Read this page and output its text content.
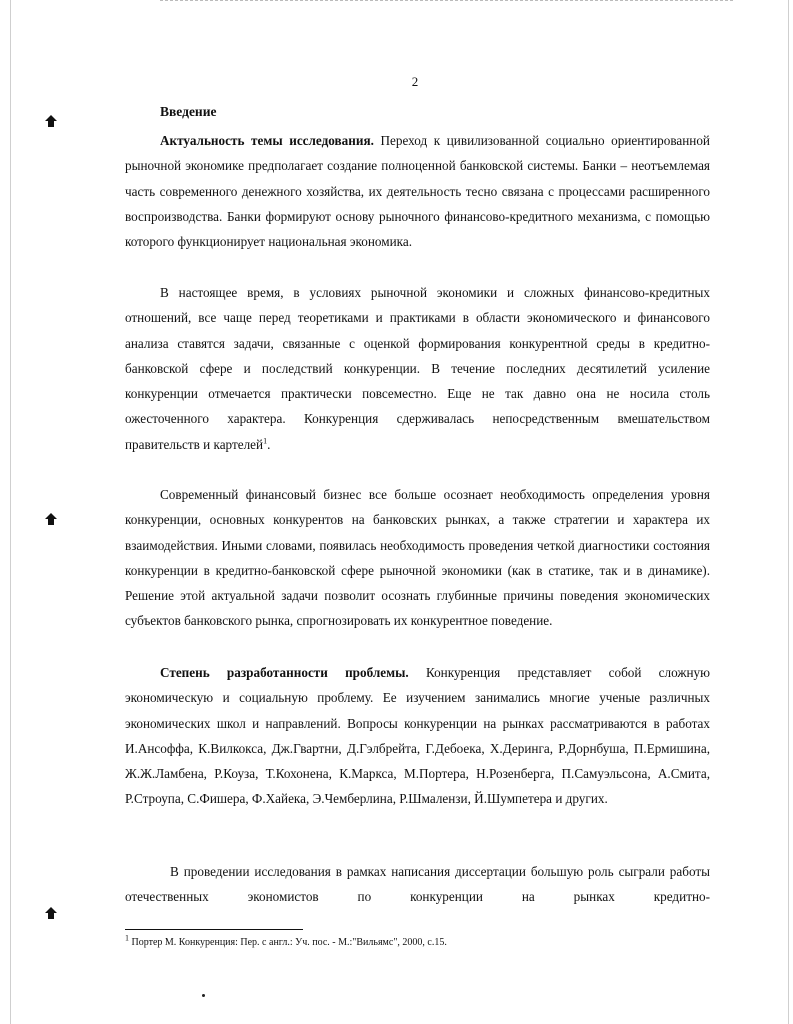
2
Введение

Актуальность темы исследования. Переход к цивилизованной социально ориентированной рыночной экономике предполагает создание полноценной банковской системы. Банки – неотъемлемая часть современного денежного хозяйства, их деятельность тесно связана с процессами расширенного воспроизводства. Банки формируют основу рыночного финансово-кредитного механизма, с помощью которого функционирует национальная экономика.

В настоящее время, в условиях рыночной экономики и сложных финансово-кредитных отношений, все чаще перед теоретиками и практиками в области экономического и финансового анализа ставятся задачи, связанные с оценкой формирования конкурентной среды в кредитно-банковской сфере и последствий конкуренции. В течение последних десятилетий усиление конкуренции отмечается практически повсеместно. Еще не так давно она не носила столь ожесточенного характера. Конкуренция сдерживалась непосредственным вмешательством правительств и картелей$^1$.

Современный финансовый бизнес все больше осознает необходимость определения уровня конкуренции, основных конкурентов на банковских рынках, а также стратегии и характера их взаимодействия. Иными словами, появилась необходимость проведения четкой диагностики состояния конкуренции в кредитно-банковской сфере рыночной экономики (как в статике, так и в динамике). Решение этой актуальной задачи позволит осознать глубинные причины поведения экономических субъектов банковского рынка, спрогнозировать их конкурентное поведение.

Степень разработанности проблемы. Конкуренция представляет собой сложную экономическую и социальную проблему. Ее изучением занимались многие ученые различных экономических школ и направлений. Вопросы конкуренции на рынках рассматриваются в работах И.Ансоффа, К.Вилкокса, Дж.Гвартни, Д.Гэлбрейта, Г.Дебоека, Х.Деринга, Р.Дорнбуша, П.Ермишина, Ж.Ж.Ламбена, Р.Коуза, Т.Кохонена, К.Маркса, М.Портера, Н.Розенберга, П.Самуэльсона, А.Смита, Р.Строупа, С.Фишера, Ф.Хайека, Э.Чемберлина, Р.Шмалензи, Й.Шумпетера и других.

В проведении исследования в рамках написания диссертации большую роль сыграли работы отечественных экономистов по конкуренции на рынках кредитно-

$^1$ Портер М. Конкуренция: Пер. с англ.: Уч. пос. - М.:"Вильямс", 2000, с.15.
